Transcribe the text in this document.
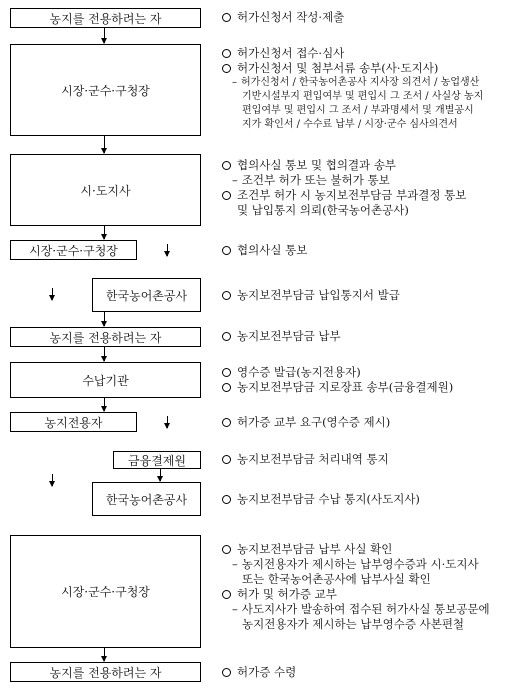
농지를 전용하려는 자
시장·군수·구청장
시·도지사
시장·군수·구청장
한국농어촌공사
농지를 전용하려는 자
수납기관
농지전용자
금융결제원
한국농어촌공사
시장·군수·구청장
농지를 전용하려는 자
허가신청서 작성·제출
허가신청서 접수·심사
허가신청서 및 첨부서류 송부(사·도지사)
– 허가신청서 / 한국농어촌공사 지사장 의견서 / 농업생산
기반시설부지 편입여부 및 편입시 그 조서 / 사실상 농지
편입여부 및 편입시 그 조서 / 부과명세서 및 개별공시
지가 확인서 / 수수료 납부 / 시장·군수 심사의견서
협의사실 통보 및 협의결과 송부
– 조건부 허가 또는 불허가 통보
조건부 허가 시 농지보전부담금 부과결정 통보
및 납입통지 의뢰(한국농어촌공사)
협의사실 통보
농지보전부담금 납입통지서 발급
농지보전부담금 납부
영수증 발급(농지전용자)
농지보전부담금 지로장표 송부(금융결제원)
허가증 교부 요구(영수증 제시)
농지보전부담금 처리내역 통지
농지보전부담금 수납 통지(사도지사)
농지보전부담금 납부 사실 확인
– 농지전용자가 제시하는 납부영수증과 시·도지사
또는 한국농어촌공사에 납부사실 확인
허가 및 허가증 교부
– 사도지사가 발송하여 접수된 허가사실 통보공문에
농지전용자가 제시하는 납부영수증 사본편철
허가증 수령
